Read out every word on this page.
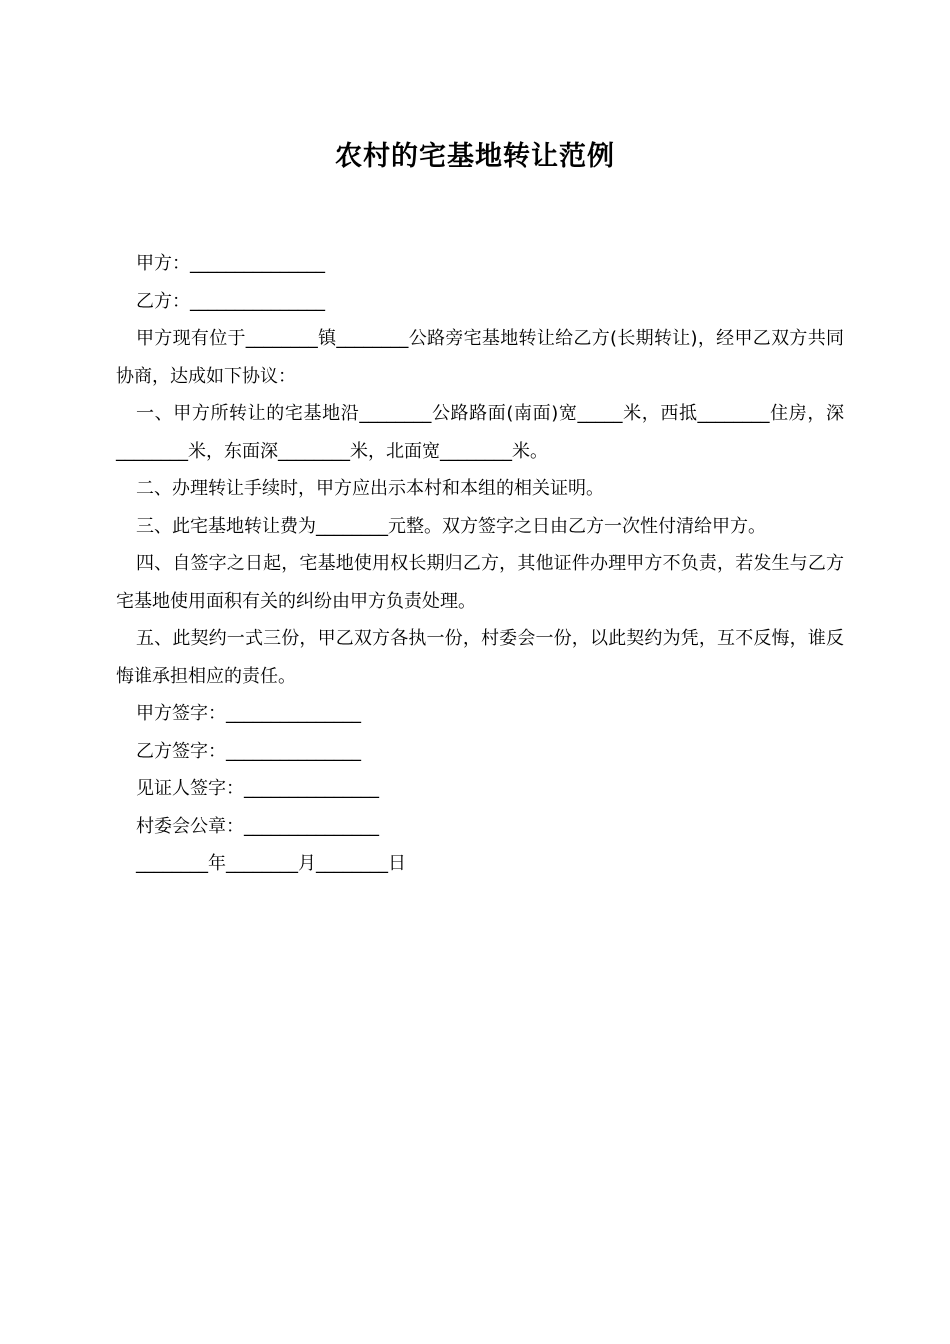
农村的宅基地转让范例

甲方：_______________

乙方：_______________

甲方现有位于________镇________公路旁宅基地转让给乙方(长期转让)，经甲乙双方共同协商，达成如下协议：

一、甲方所转让的宅基地沿________公路路面(南面)宽_____米，西抵________住房，深________米，东面深________米，北面宽________米。

二、办理转让手续时，甲方应出示本村和本组的相关证明。

三、此宅基地转让费为________元整。双方签字之日由乙方一次性付清给甲方。

四、自签字之日起，宅基地使用权长期归乙方，其他证件办理甲方不负责，若发生与乙方宅基地使用面积有关的纠纷由甲方负责处理。

五、此契约一式三份，甲乙双方各执一份，村委会一份，以此契约为凭，互不反悔，谁反悔谁承担相应的责任。

甲方签字：_______________

乙方签字：_______________

见证人签字：_______________

村委会公章：_______________

________年________月________日
